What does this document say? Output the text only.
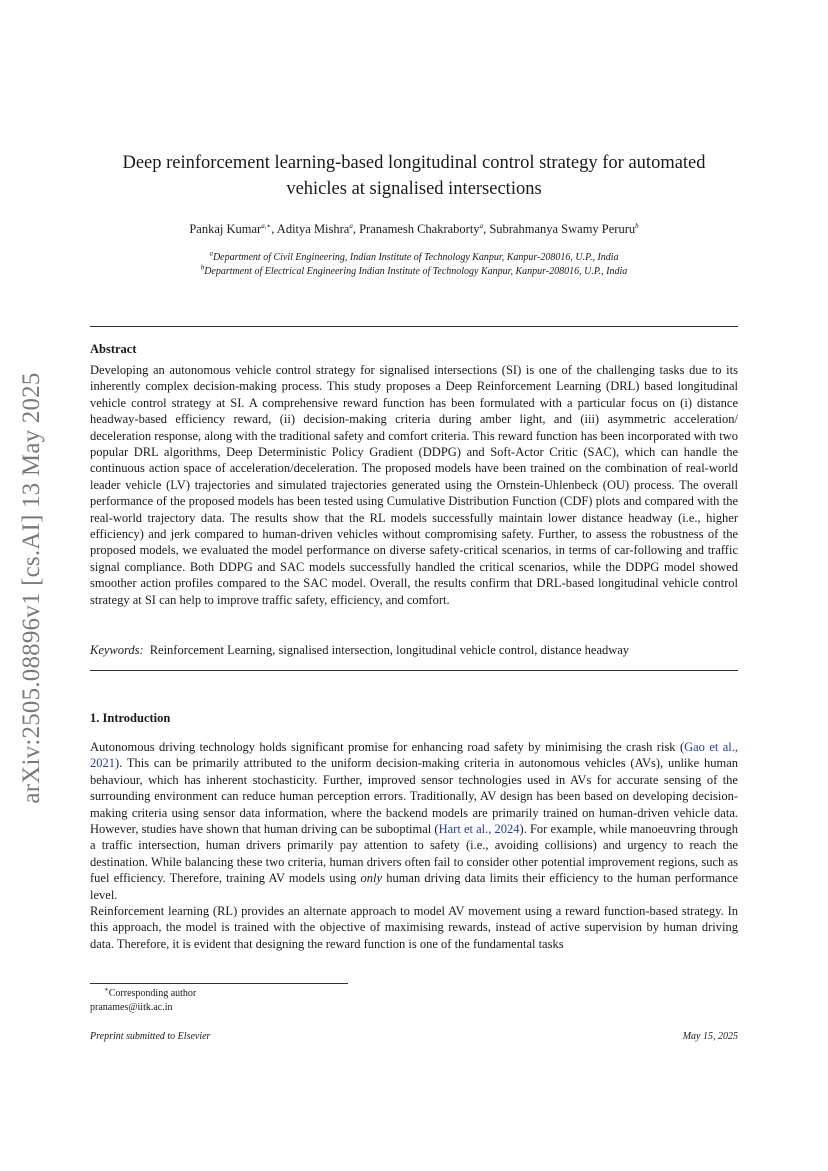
arXiv:2505.08896v1 [cs.AI] 13 May 2025
Deep reinforcement learning-based longitudinal control strategy for automated vehicles at signalised intersections
Pankaj Kumar$^{a,∗}$, Aditya Mishra$^a$, Pranamesh Chakraborty$^a$, Subrahmanya Swamy Peruru$^b$
$^a$Department of Civil Engineering, Indian Institute of Technology Kanpur, Kanpur-208016, U.P., India
$^b$Department of Electrical Engineering Indian Institute of Technology Kanpur, Kanpur-208016, U.P., India
Abstract

Developing an autonomous vehicle control strategy for signalised intersections (SI) is one of the challenging tasks due to its inherently complex decision-making process. This study proposes a Deep Reinforcement Learning (DRL) based longitudinal vehicle control strategy at SI. A comprehensive reward function has been formulated with a particular focus on (i) distance headway-based efficiency reward, (ii) decision-making criteria during amber light, and (iii) asymmetric acceleration/ deceleration response, along with the traditional safety and comfort criteria. This reward function has been incorporated with two popular DRL algorithms, Deep Deterministic Policy Gradient (DDPG) and Soft-Actor Critic (SAC), which can handle the continuous action space of acceleration/deceleration. The proposed models have been trained on the combination of real-world leader vehicle (LV) trajectories and simulated trajectories generated using the Ornstein-Uhlenbeck (OU) process. The overall performance of the proposed models has been tested using Cumulative Distribution Function (CDF) plots and compared with the real-world trajectory data. The results show that the RL models successfully maintain lower distance headway (i.e., higher efficiency) and jerk compared to human-driven vehicles without compromising safety. Further, to assess the robustness of the proposed models, we evaluated the model performance on diverse safety-critical scenarios, in terms of car-following and traffic signal compliance. Both DDPG and SAC models successfully handled the critical scenarios, while the DDPG model showed smoother action profiles compared to the SAC model. Overall, the results confirm that DRL-based longitudinal vehicle control strategy at SI can help to improve traffic safety, efficiency, and comfort.

Keywords: Reinforcement Learning, signalised intersection, longitudinal vehicle control, distance headway
1. Introduction

Autonomous driving technology holds significant promise for enhancing road safety by minimising the crash risk (Gao et al., 2021). This can be primarily attributed to the uniform decision-making criteria in autonomous vehicles (AVs), unlike human behaviour, which has inherent stochasticity. Further, improved sensor technologies used in AVs for accurate sensing of the surrounding environment can reduce human perception errors. Traditionally, AV design has been based on developing decision-making criteria using sensor data information, where the backend models are primarily trained on human-driven vehicle data. However, studies have shown that human driving can be suboptimal (Hart et al., 2024). For example, while manoeuvring through a traffic intersection, human drivers primarily pay attention to safety (i.e., avoiding collisions) and urgency to reach the destination. While balancing these two criteria, human drivers often fail to consider other potential improvement regions, such as fuel efficiency. Therefore, training AV models using only human driving data limits their efficiency to the human performance level.

Reinforcement learning (RL) provides an alternate approach to model AV movement using a reward function-based strategy. In this approach, the model is trained with the objective of maximising rewards, instead of active supervision by human driving data. Therefore, it is evident that designing the reward function is one of the fundamental tasks

∗Corresponding author
pranames@iitk.ac.in
Preprint submitted to Elsevier	May 15, 2025
